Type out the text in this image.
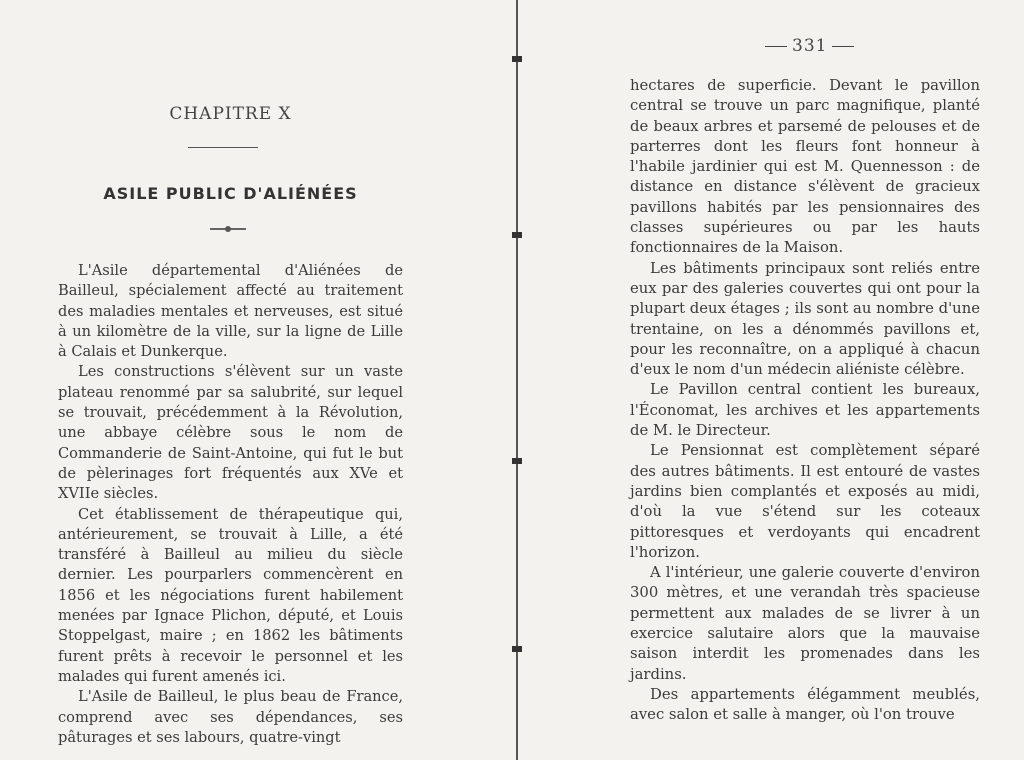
CHAPITRE X
ASILE PUBLIC D'ALIÉNÉES

L'Asile départemental d'Aliénées de Bailleul, spécialement affecté au traitement des maladies mentales et nerveuses, est situé à un kilomètre de la ville, sur la ligne de Lille à Calais et Dunkerque.

Les constructions s'élèvent sur un vaste plateau renommé par sa salubrité, sur lequel se trouvait, précédemment à la Révolution, une abbaye célèbre sous le nom de Commanderie de Saint-Antoine, qui fut le but de pèlerinages fort fréquentés aux XVe et XVIIe siècles.

Cet établissement de thérapeutique qui, antérieurement, se trouvait à Lille, a été transféré à Bailleul au milieu du siècle dernier. Les pourparlers commencèrent en 1856 et les négociations furent habilement menées par Ignace Plichon, député, et Louis Stoppelgast, maire ; en 1862 les bâtiments furent prêts à recevoir le personnel et les malades qui furent amenés ici.

L'Asile de Bailleul, le plus beau de France, comprend avec ses dépendances, ses pâturages et ses labours, quatre-vingt

331

hectares de superficie. Devant le pavillon central se trouve un parc magnifique, planté de beaux arbres et parsemé de pelouses et de parterres dont les fleurs font honneur à l'habile jardinier qui est M. Quennesson : de distance en distance s'élèvent de gracieux pavillons habités par les pensionnaires des classes supérieures ou par les hauts fonctionnaires de la Maison.

Les bâtiments principaux sont reliés entre eux par des galeries couvertes qui ont pour la plupart deux étages ; ils sont au nombre d'une trentaine, on les a dénommés pavillons et, pour les reconnaître, on a appliqué à chacun d'eux le nom d'un médecin aliéniste célèbre.

Le Pavillon central contient les bureaux, l'Économat, les archives et les appartements de M. le Directeur.

Le Pensionnat est complètement séparé des autres bâtiments. Il est entouré de vastes jardins bien complantés et exposés au midi, d'où la vue s'étend sur les coteaux pittoresques et verdoyants qui encadrent l'horizon.

A l'intérieur, une galerie couverte d'environ 300 mètres, et une verandah très spacieuse permettent aux malades de se livrer à un exercice salutaire alors que la mauvaise saison interdit les promenades dans les jardins.

Des appartements élégamment meublés, avec salon et salle à manger, où l'on trouve
